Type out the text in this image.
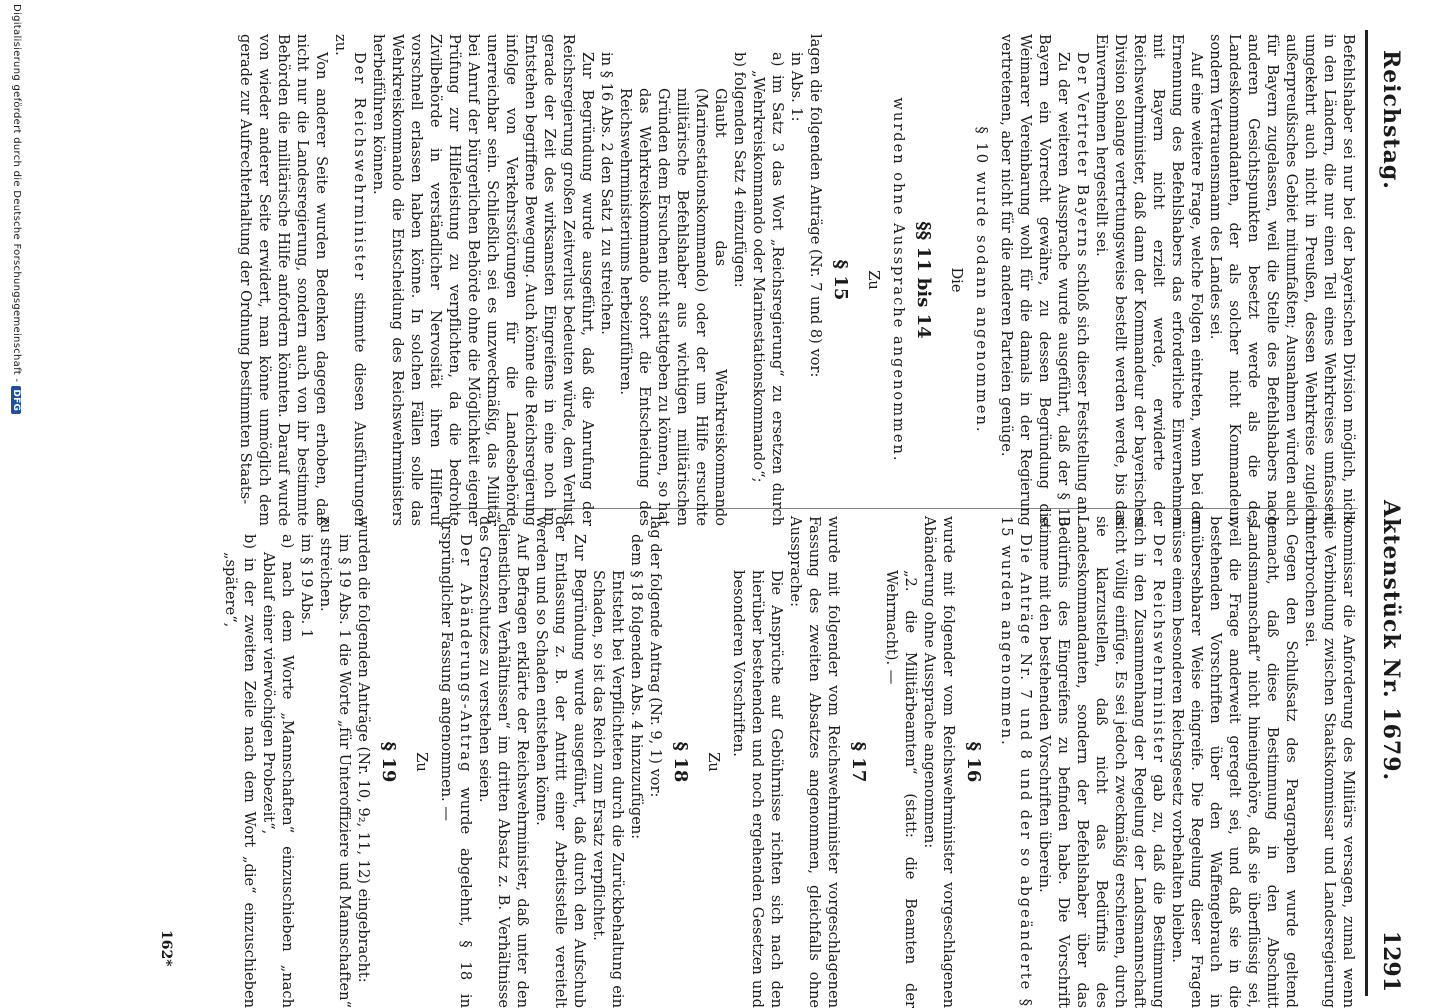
Reichstag.
Aktenstück Nr. 1679.
1291

Befehlshaber sei nur bei der bayerischen Division möglich, nicht in den Ländern, die nur einen Teil eines Wehrkreises umfassen, umgekehrt auch nicht in Preußen, dessen Wehrkreise zugleich außerpreußisches Gebiet mitumfaßten; Ausnahmen würden auch für Bayern zugelassen, weil die Stelle des Befehlshabers nach anderen Gesichtspunkten besetzt werde als die des Landeskommandanten, der als solcher nicht Kommandeur, sondern Vertrauensmann des Landes sei.

Auf eine weitere Frage, welche Folgen eintreten, wenn bei der Ernennung des Befehlshabers das erforderliche Einvernehmen mit Bayern nicht erzielt werde, erwiderte der Reichswehrminister, daß dann der Kommandeur der bayerischen Division solange vertretungsweise bestellt werden werde, bis das Einvernehmen hergestellt sei.

Der Vertreter Bayerns schloß sich dieser Feststellung an.

Zu der weiteren Aussprache wurde ausgeführt, daß der § 10 Bayern ein Vorrecht gewähre, zu dessen Begründung die Weimarer Vereinbarung wohl für die damals in der Regierung vertretenen, aber nicht für die anderen Parteien genüge.

§ 10 wurde sodann angenommen.

Die

§§ 11 bis 14

wurden ohne Aussprache angenommen.

Zu

§ 15

lagen die folgenden Anträge (Nr. 7 und 8) vor:

in Abs. 1:

a) im Satz 3 das Wort „Reichsregierung“ zu ersetzen durch „Wehrkreiskommando oder Marinestationskommando“;

b) folgenden Satz 4 einzufügen:

Glaubt das Wehrkreiskommando (Marinestationskommando) oder der um Hilfe ersuchte militärische Befehlshaber aus wichtigen militärischen Gründen dem Ersuchen nicht stattgeben zu können, so hat das Wehrkreiskommando sofort die Entscheidung des Reichswehrministeriums herbeizuführen.

in § 16 Abs. 2 den Satz 1 zu streichen.

Zur Begründung wurde ausgeführt, daß die Anrufung der Reichsregierung großen Zeitverlust bedeuten würde, dem Verlust gerade der Zeit des wirksamsten Eingreifens in eine noch im Entstehen begriffene Bewegung. Auch könne die Reichsregierung infolge von Verkehrsstörungen für die Landesbehörde unerreichbar sein. Schließlich sei es unzweckmäßig, das Militär bei Anruf der bürgerlichen Behörde ohne die Möglichkeit eigener Prüfung zur Hilfeleistung zu verpflichten, da die bedrohte Zivilbehörde in verständlicher Nervosität ihren Hilferuf vorschnell erlassen haben könne. In solchen Fällen solle das Wehrkreiskommando die Entscheidung des Reichswehrministers herbeiführen können.

Der Reichswehrminister stimmte diesen Ausführungen zu.

Von anderer Seite wurden Bedenken dagegen erhoben, daß nicht nur die Landesregierung, sondern auch von ihr bestimmte Behörden die militärische Hilfe anfordern könnten. Darauf wurde von wieder anderer Seite erwidert, man könne unmöglich dem gerade zur Aufrechterhaltung der Ordnung bestimmten Staats-

kommissar die Anforderung des Militärs versagen, zumal wenn die Verbindung zwischen Staatskommissar und Landesregierung unterbrochen sei.

Gegen den Schlußsatz des Paragraphen wurde geltend gemacht, daß diese Bestimmung in den Abschnitt „Landsmannschaft“ nicht hineingehöre, daß sie überflüssig sei, weil die Frage anderweit geregelt sei, und daß sie in die bestehenden Vorschriften über den Waffengebrauch in unübersehbarer Weise eingreife. Die Regelung dieser Fragen müsse einem besonderen Reichsgesetz vorbehalten bleiben.

Der Reichswehrminister gab zu, daß die Bestimmung sich in den Zusammenhang der Regelung der Landsmannschaft nicht völlig einfüge. Es sei jedoch zweckmäßig erschienen, durch sie klarzustellen, daß nicht das Bedürfnis des Landeskommandanten, sondern der Befehlshaber über das Bedürfnis des Eingreifens zu befinden habe. Die Vorschrift stimme mit den bestehenden Vorschriften überein.

Die Anträge Nr. 7 und 8 und der so abgeänderte § 15 wurden angenommen.

§ 16

wurde mit folgender vom Reichswehrminister vorgeschlagenen Abänderung ohne Aussprache angenommen:

„2. die Militärbeamten“ (statt: die Beamten der Wehrmacht). —

§ 17

wurde mit folgender vom Reichswehrminister vorgeschlagenen Fassung des zweiten Absatzes angenommen, gleichfalls ohne Aussprache:

Die Ansprüche auf Gebührnisse richten sich nach den hierüber bestehenden und noch ergehenden Gesetzen und besonderen Vorschriften.

Zu

§ 18

lag der folgende Antrag (Nr. 9, 1) vor:

dem § 18 folgenden Abs. 4 hinzuzufügen:

Entsteht bei Verpflichteten durch die Zurückbehaltung ein Schaden, so ist das Reich zum Ersatz verpflichtet.

Zur Begründung wurde ausgeführt, daß durch den Aufschub der Entlassung z. B. der Antritt einer Arbeitsstelle vereitelt werden und so Schaden entstehen könne.

Auf Befragen erklärte der Reichswehrminister, daß unter den „dienstlichen Verhältnissen“ im dritten Absatz z. B. Verhältnisse des Grenzschutzes zu verstehen seien.

Der Abänderungs-Antrag wurde abgelehnt, § 18 in ursprünglicher Fassung angenommen. —

Zu

§ 19

wurden die folgenden Anträge (Nr. 10, 9₂, 11, 12) eingebracht:

im § 19 Abs. 1 die Worte „für Unteroffiziere und Mannschaften“ zu streichen.

im § 19 Abs. 1

a) nach dem Worte „Mannschaften“ einzuschieben „nach Ablauf einer vierwöchigen Probezeit“,

b) in der zweiten Zeile nach dem Wort „die“ einzuschieben „spätere“,

162*
Digitalisierung gefördert durch die Deutsche Forschungsgemeinschaft -DFG
